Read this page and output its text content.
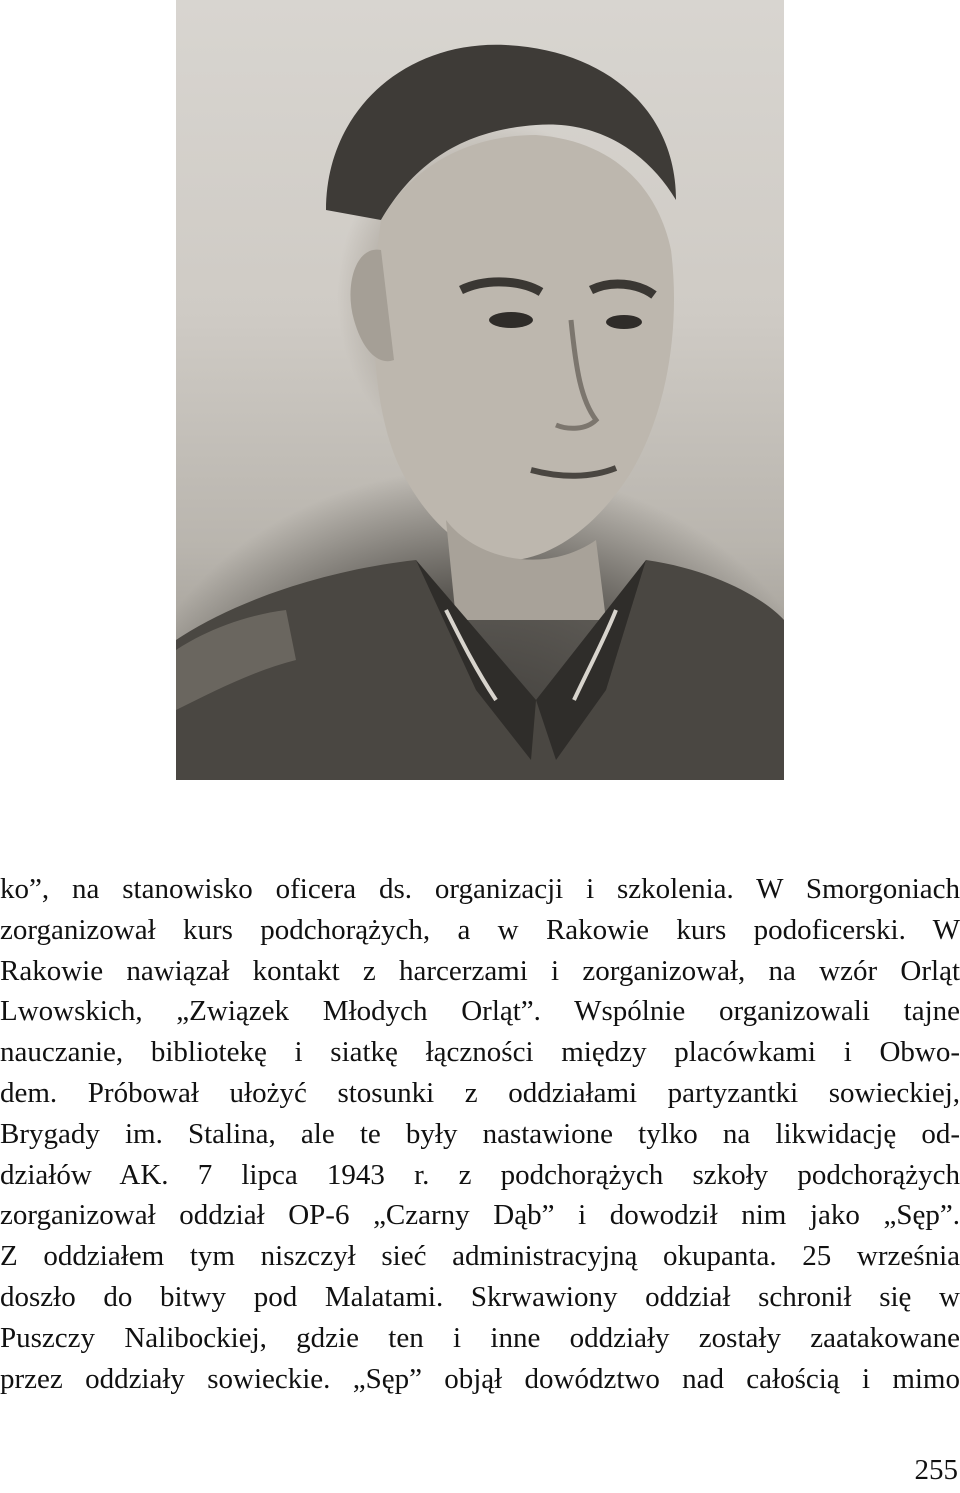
ko”, na stanowisko oficera ds. organizacji i szkolenia. W Smorgoniach
zorganizował kurs podchorążych, a w Rakowie kurs podoficerski. W
Rakowie nawiązał kontakt z harcerzami i zorganizował, na wzór Orląt
Lwowskich, „Związek Młodych Orląt”. Wspólnie organizowali tajne
nauczanie, bibliotekę i siatkę łączności między placówkami i Obwo-
dem. Próbował ułożyć stosunki z oddziałami partyzantki sowieckiej,
Brygady im. Stalina, ale te były nastawione tylko na likwidację od-
działów AK. 7 lipca 1943 r. z podchorążych szkoły podchorążych
zorganizował oddział OP-6 „Czarny Dąb” i dowodził nim jako „Sęp”.
Z oddziałem tym niszczył sieć administracyjną okupanta. 25 września
doszło do bitwy pod Malatami. Skrwawiony oddział schronił się w
Puszczy Nalibockiej, gdzie ten i inne oddziały zostały zaatakowane
przez oddziały sowieckie. „Sęp” objął dowództwo nad całością i mimo
255
